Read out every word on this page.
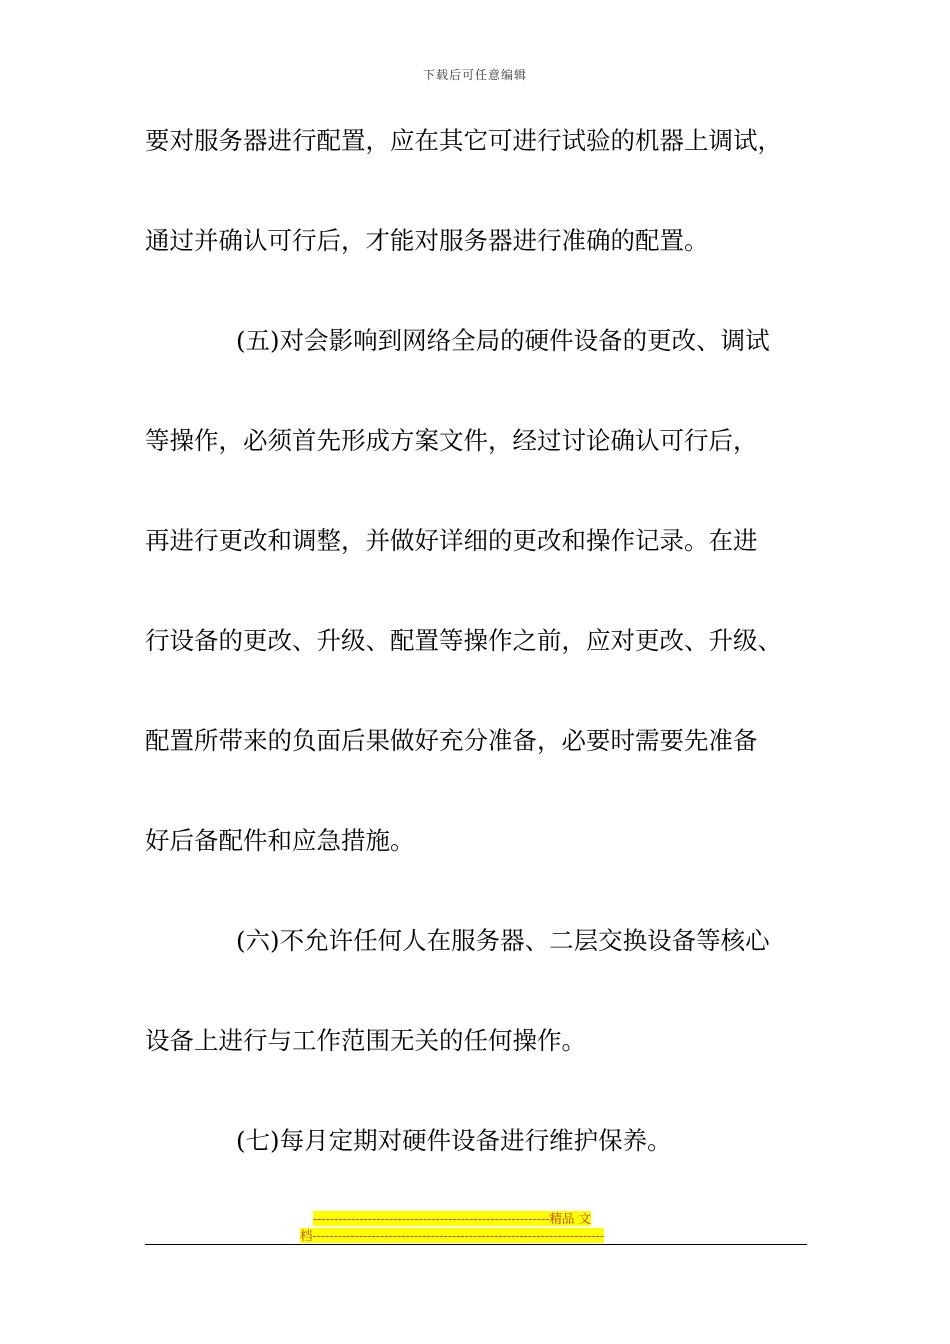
下载后可任意编辑
要对服务器进行配置，应在其它可进行试验的机器上调试，
通过并确认可行后，才能对服务器进行准确的配置。
(五)对会影响到网络全局的硬件设备的更改、调试
等操作，必须首先形成方案文件，经过讨论确认可行后，
再进行更改和调整，并做好详细的更改和操作记录。在进
行设备的更改、升级、配置等操作之前，应对更改、升级、
配置所带来的负面后果做好充分准备，必要时需要先准备
好后备配件和应急措施。
(六)不允许任何人在服务器、二层交换设备等核心
设备上进行与工作范围无关的任何操作。
(七)每月定期对硬件设备进行维护保养。
--------------------------------------------------------精品 文
档---------------------------------------------------------------------
